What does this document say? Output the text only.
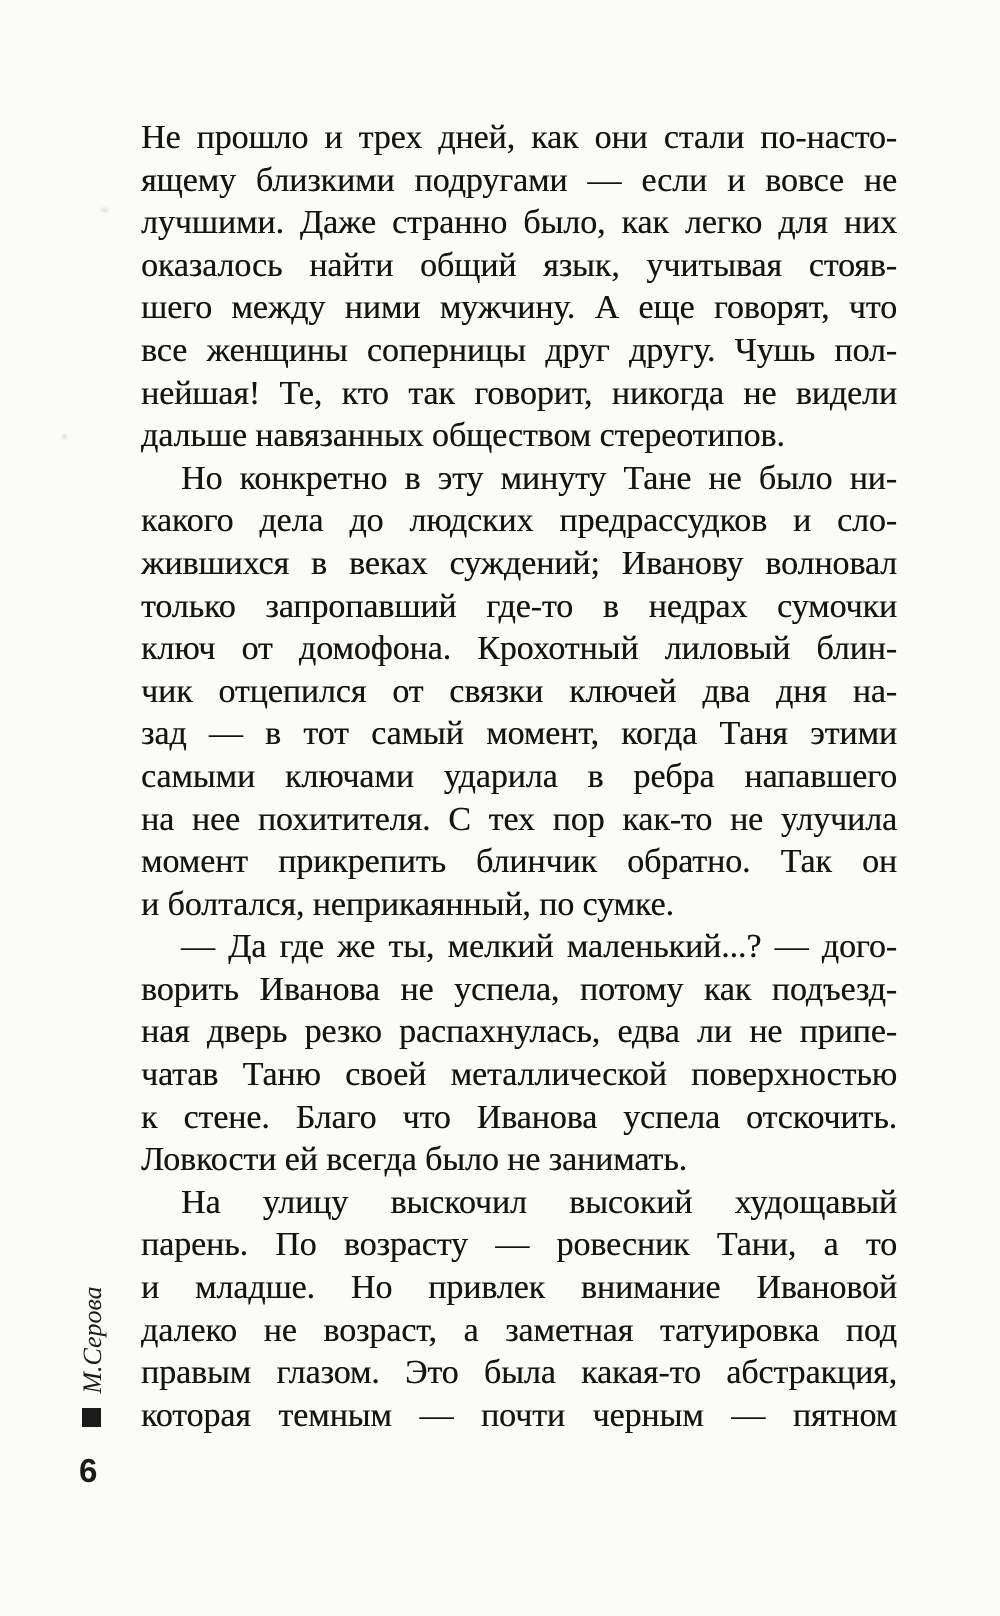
Не прошло и трех дней, как они стали по-насто-
ящему близкими подругами — если и вовсе не
лучшими. Даже странно было, как легко для них
оказалось найти общий язык, учитывая стояв-
шего между ними мужчину. А еще говорят, что
все женщины соперницы друг другу. Чушь пол-
нейшая! Те, кто так говорит, никогда не видели
дальше навязанных обществом стереотипов.
Но конкретно в эту минуту Тане не было ни-
какого дела до людских предрассудков и сло-
жившихся в веках суждений; Иванову волновал
только запропавший где-то в недрах сумочки
ключ от домофона. Крохотный лиловый блин-
чик отцепился от связки ключей два дня на-
зад — в тот самый момент, когда Таня этими
самыми ключами ударила в ребра напавшего
на нее похитителя. С тех пор как-то не улучила
момент прикрепить блинчик обратно. Так он
и болтался, неприкаянный, по сумке.
— Да где же ты, мелкий маленький...? — дого-
ворить Иванова не успела, потому как подъезд-
ная дверь резко распахнулась, едва ли не припе-
чатав Таню своей металлической поверхностью
к стене. Благо что Иванова успела отскочить.
Ловкости ей всегда было не занимать.
На улицу выскочил высокий худощавый
парень. По возрасту — ровесник Тани, а то
и младше. Но привлек внимание Ивановой
далеко не возраст, а заметная татуировка под
правым глазом. Это была какая-то абстракция,
которая темным — почти черным — пятном
М.Серова
6
